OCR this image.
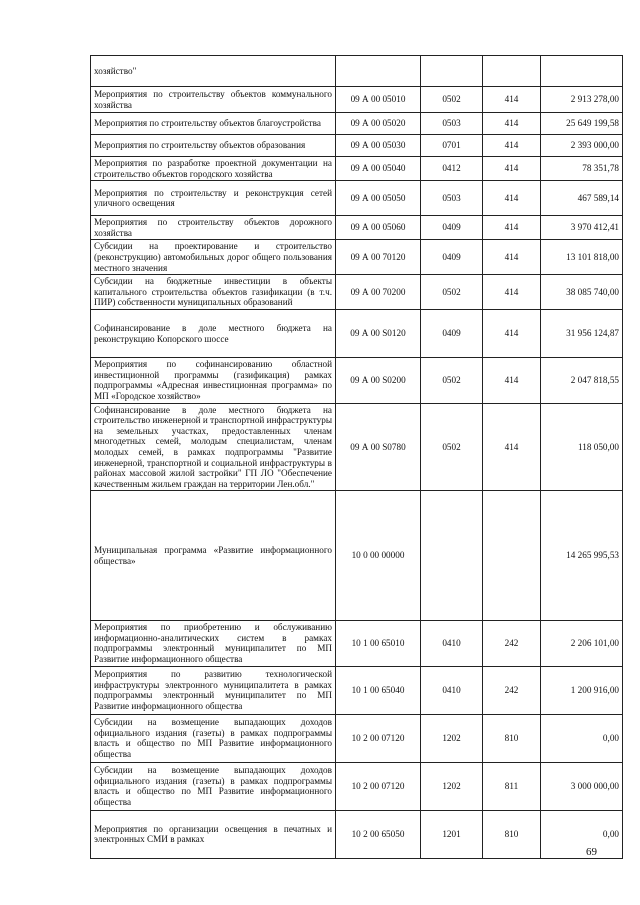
хозяйство"				
Мероприятия по строительству объектов коммунального хозяйства	09 А 00 05010	0502	414	2 913 278,00
Мероприятия по строительству объектов благоустройства	09 А 00 05020	0503	414	25 649 199,58
Мероприятия по строительству объектов образования	09 А 00 05030	0701	414	2 393 000,00
Мероприятия по разработке проектной документации на строительство объектов городского хозяйства	09 А 00 05040	0412	414	78 351,78
Мероприятия по строительству и реконструкция сетей уличного освещения	09 А 00 05050	0503	414	467 589,14
Мероприятия по строительству объектов дорожного хозяйства	09 А 00 05060	0409	414	3 970 412,41
Субсидии на проектирование и строительство (реконструкцию) автомобильных дорог общего пользования местного значения	09 А 00 70120	0409	414	13 101 818,00
Субсидии на бюджетные инвестиции в объекты капитального строительства объектов газификации (в т.ч. ПИР) собственности муниципальных образований	09 А 00 70200	0502	414	38 085 740,00
Софинансирование в доле местного бюджета на реконструкцию Копорского шоссе	09 А 00 S0120	0409	414	31 956 124,87
Мероприятия по софинансированию областной инвестиционной программы (газификация) рамках подпрограммы «Адресная инвестиционная программа» по МП «Городское хозяйство»	09 А 00 S0200	0502	414	2 047 818,55
Софинансирование в доле местного бюджета на строительство инженерной и транспортной инфраструктуры на земельных участках, предоставленных членам многодетных семей, молодым специалистам, членам молодых семей, в рамках подпрограммы "Развитие инженерной, транспортной и социальной инфраструктуры в районах массовой жилой застройки" ГП ЛО "Обеспечение качественным жильем граждан на территории Лен.обл."	09 А 00 S0780	0502	414	118 050,00
Муниципальная программа «Развитие информационного общества»	10 0 00 00000			14 265 995,53
Мероприятия по приобретению и обслуживанию информационно-аналитических систем в рамках подпрограммы электронный муниципалитет по МП Развитие информационного общества	10 1 00 65010	0410	242	2 206 101,00
Мероприятия по развитию технологической инфраструктуры электронного муниципалитета в рамках подпрограммы электронный муниципалитет по МП Развитие информационного общества	10 1 00 65040	0410	242	1 200 916,00
Субсидии на возмещение выпадающих доходов официального издания (газеты) в рамках подпрограммы власть и общество по МП Развитие информационного общества	10 2 00 07120	1202	810	0,00
Субсидии на возмещение выпадающих доходов официального издания (газеты) в рамках подпрограммы власть и общество по МП Развитие информационного общества	10 2 00 07120	1202	811	3 000 000,00
Мероприятия по организации освещения в печатных и электронных СМИ в рамках	10 2 00 65050	1201	810	0,00
69
